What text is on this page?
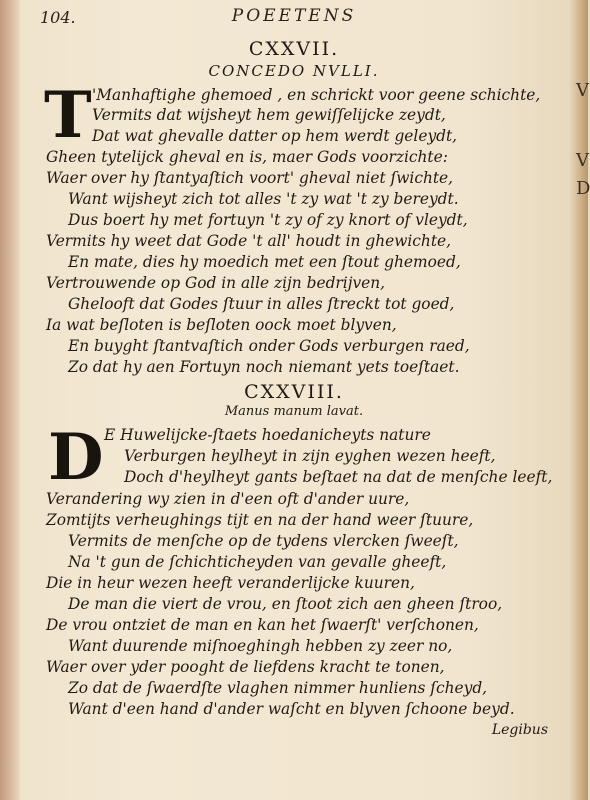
V
V
D
104.	POEETENS
CXXVII.
CONCEDO NVLLI.
T 'Manhaftighe ghemoed , en schrickt voor geene schichte,
Vermits dat wijsheyt hem gewiſſelijcke zeydt,
Dat wat ghevalle datter op hem werdt geleydt,
Gheen tytelijck gheval en is, maer Gods voorzichte:
Waer over hy ſtantyaſtich voort' gheval niet ſwichte,
Want wijsheyt zich tot alles 't zy wat 't zy bereydt.
Dus boert hy met fortuyn 't zy of zy knort of vleydt,
Vermits hy weet dat Gode 't all' houdt in ghewichte,
En mate, dies hy moedich met een ſtout ghemoed,
Vertrouwende op God in alle zijn bedrijven,
Ghelooft dat Godes ſtuur in alles ſtreckt tot goed,
Ia wat beſloten is beſloten oock moet blyven,
En buyght ſtantvaſtich onder Gods verburgen raed,
Zo dat hy aen Fortuyn noch niemant yets toeſtaet.
CXXVIII.
Manus manum lavat.
D E Huwelijcke-ſtaets hoedanicheyts nature
Verburgen heylheyt in zijn eyghen wezen heeft,
Doch d'heylheyt gants beſtaet na dat de menſche leeft,
Verandering wy zien in d'een oft d'ander uure,
Zomtijts verheughings tijt en na der hand weer ſtuure,
Vermits de menſche op de tydens vlercken ſweeſt,
Na 't gun de ſchichticheyden van gevalle gheeft,
Die in heur wezen heeft veranderlijcke kuuren,
De man die viert de vrou, en ſtoot zich aen gheen ſtroo,
De vrou ontziet de man en kan het ſwaerſt' verſchonen,
Want duurende miſnoeghingh hebben zy zeer no,
Waer over yder pooght de liefdens kracht te tonen,
Zo dat de ſwaerdſte vlaghen nimmer hunliens ſcheyd,
Want d'een hand d'ander waſcht en blyven ſchoone beyd.
Legibus
